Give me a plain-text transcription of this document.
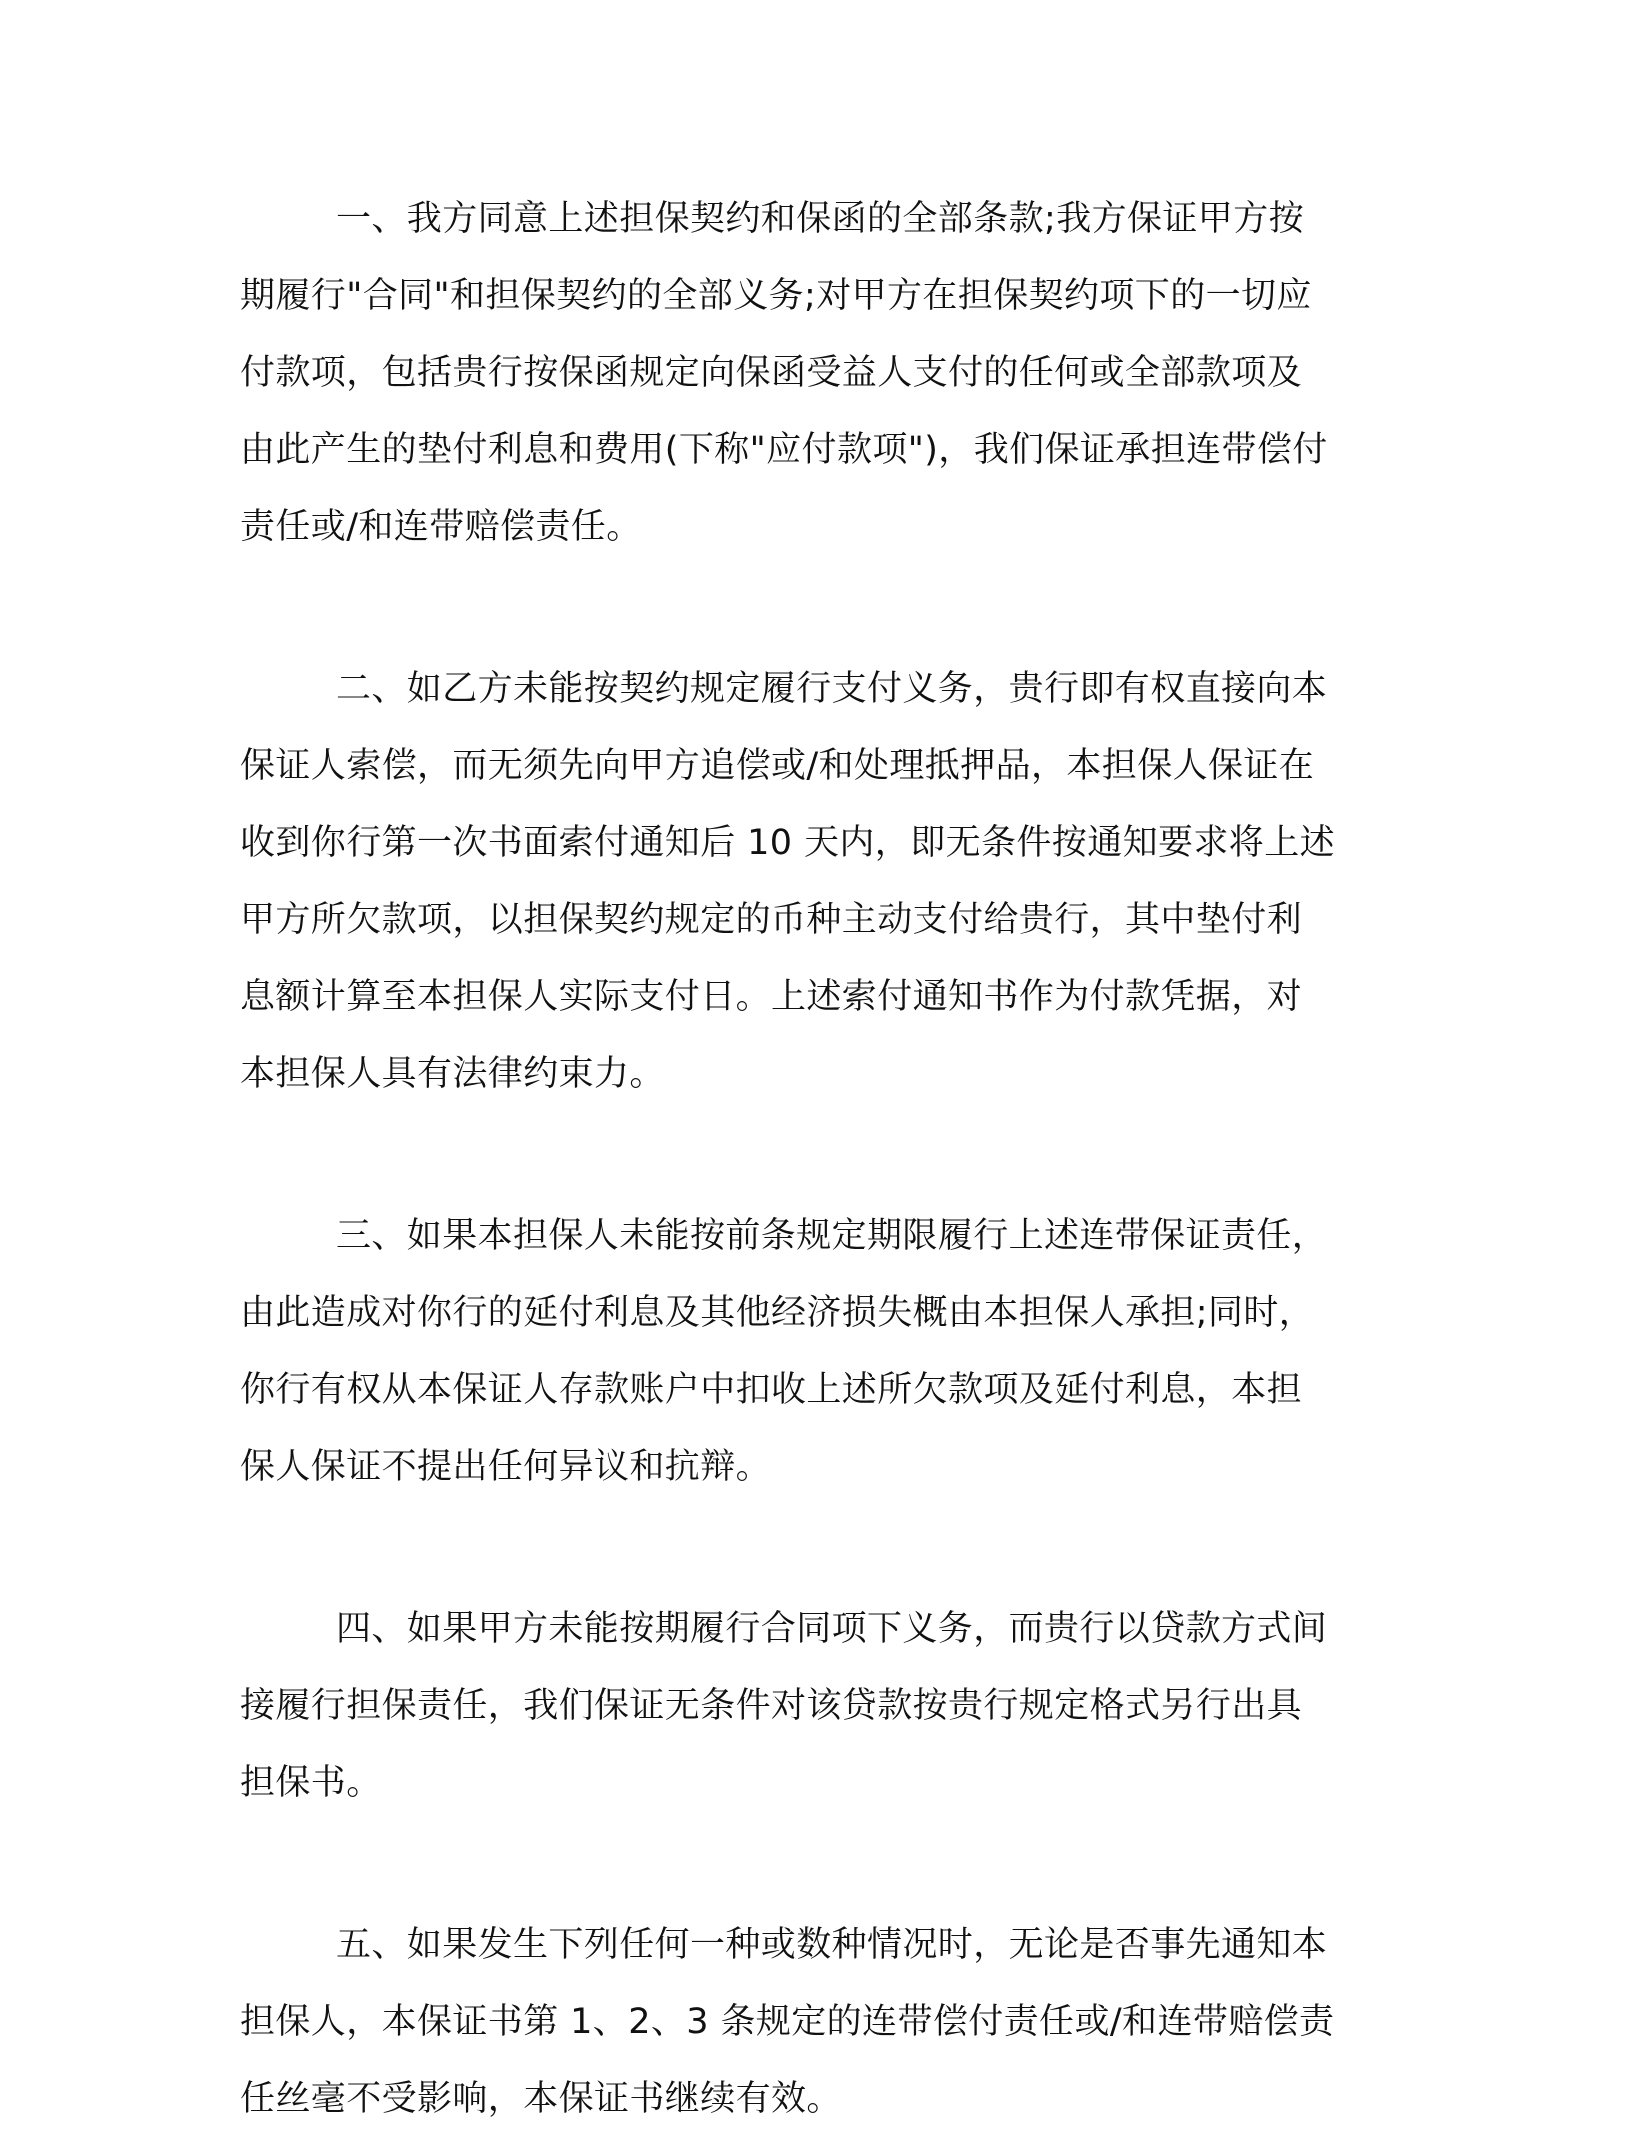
一、我方同意上述担保契约和保函的全部条款;我方保证甲方按
期履行"合同"和担保契约的全部义务;对甲方在担保契约项下的一切应
付款项，包括贵行按保函规定向保函受益人支付的任何或全部款项及
由此产生的垫付利息和费用(下称"应付款项")，我们保证承担连带偿付
责任或/和连带赔偿责任。
二、如乙方未能按契约规定履行支付义务，贵行即有权直接向本
保证人索偿，而无须先向甲方追偿或/和处理抵押品，本担保人保证在
收到你行第一次书面索付通知后 10 天内，即无条件按通知要求将上述
甲方所欠款项，以担保契约规定的币种主动支付给贵行，其中垫付利
息额计算至本担保人实际支付日。上述索付通知书作为付款凭据，对
本担保人具有法律约束力。
三、如果本担保人未能按前条规定期限履行上述连带保证责任，
由此造成对你行的延付利息及其他经济损失概由本担保人承担;同时，
你行有权从本保证人存款账户中扣收上述所欠款项及延付利息，本担
保人保证不提出任何异议和抗辩。
四、如果甲方未能按期履行合同项下义务，而贵行以贷款方式间
接履行担保责任，我们保证无条件对该贷款按贵行规定格式另行出具
担保书。
五、如果发生下列任何一种或数种情况时，无论是否事先通知本
担保人，本保证书第 1、2、3 条规定的连带偿付责任或/和连带赔偿责
任丝毫不受影响，本保证书继续有效。
